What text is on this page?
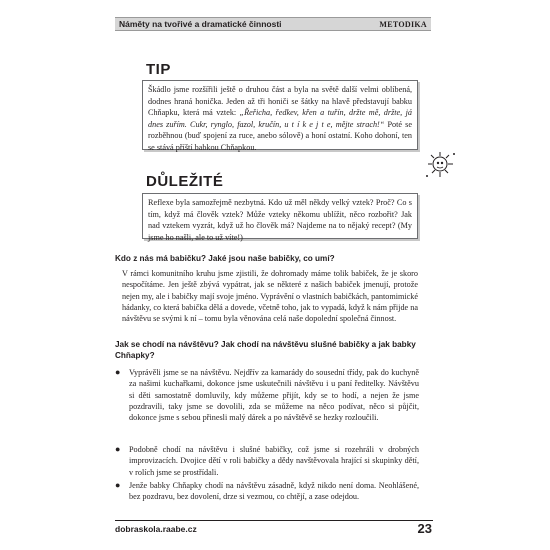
Náměty na tvořivé a dramatické činnosti	METODIKA
TIP

Škádlo jsme rozšířili ještě o druhou část a byla na světě další velmi oblíbená, dodnes hraná honička. Jeden až tři honiči se šátky na hlavě představují babku Chňapku, která má vztek: „Řeřicha, ředkev, křen a tuřín, držte mě, držte, já dnes zuřím. Cukr, rynglo, fazol, kručín, u t í k e j t e, mějte strach!“ Poté se rozběhnou (buď spojení za ruce, anebo sólově) a honí ostatní. Koho dohoní, ten se stává příští babkou Chňapkou.

DŮLEŽITÉ

Reflexe byla samozřejmě nezbytná. Kdo už měl někdy velký vztek? Proč? Co s tím, když má člověk vztek? Může vzteky někomu ublížit, něco rozbořit? Jak nad vztekem vyzrát, když už ho člověk má? Najdeme na to nějaký recept? (My jsme ho našli, ale to už víte!)

Kdo z nás má babičku? Jaké jsou naše babičky, co umí?

V rámci komunitního kruhu jsme zjistili, že dohromady máme tolik babiček, že je skoro nespočítáme. Jen ještě zbývá vypátrat, jak se některé z našich babiček jmenují, protože nejen my, ale i babičky mají svoje jméno. Vyprávění o vlastních babičkách, pantomimické hádanky, co která babička dělá a dovede, včetně toho, jak to vypadá, když k nám přijde na návštěvu se svými k ní – tomu byla věnována celá naše dopolední společná činnost.

Jak se chodí na návštěvu? Jak chodí na návštěvu slušné babičky a jak babky Chňapky?
● Vyprávěli jsme se na návštěvu. Nejdřív za kamarády do sousední třídy, pak do kuchyně za našimi kuchařkami, dokonce jsme uskutečnili návštěvu i u paní ředitelky. Návštěvu si děti samostatně domluvily, kdy můžeme přijít, kdy se to hodí, a nejen že jsme pozdravili, taky jsme se dovolili, zda se můžeme na něco podívat, něco si půjčit, dokonce jsme s sebou přinesli malý dárek a po návštěvě se hezky rozloučili.
● Podobně chodí na návštěvu i slušné babičky, což jsme si rozehráli v drobných improvizacích. Dvojice dětí v roli babičky a dědy navštěvovala hrající si skupinky dětí, v rolích jsme se prostřídali.
● Jenže babky Chňapky chodí na návštěvu zásadně, když nikdo není doma. Neohlášené, bez pozdravu, bez dovolení, drze si vezmou, co chtějí, a zase odejdou.
dobraskola.raabe.cz	23
